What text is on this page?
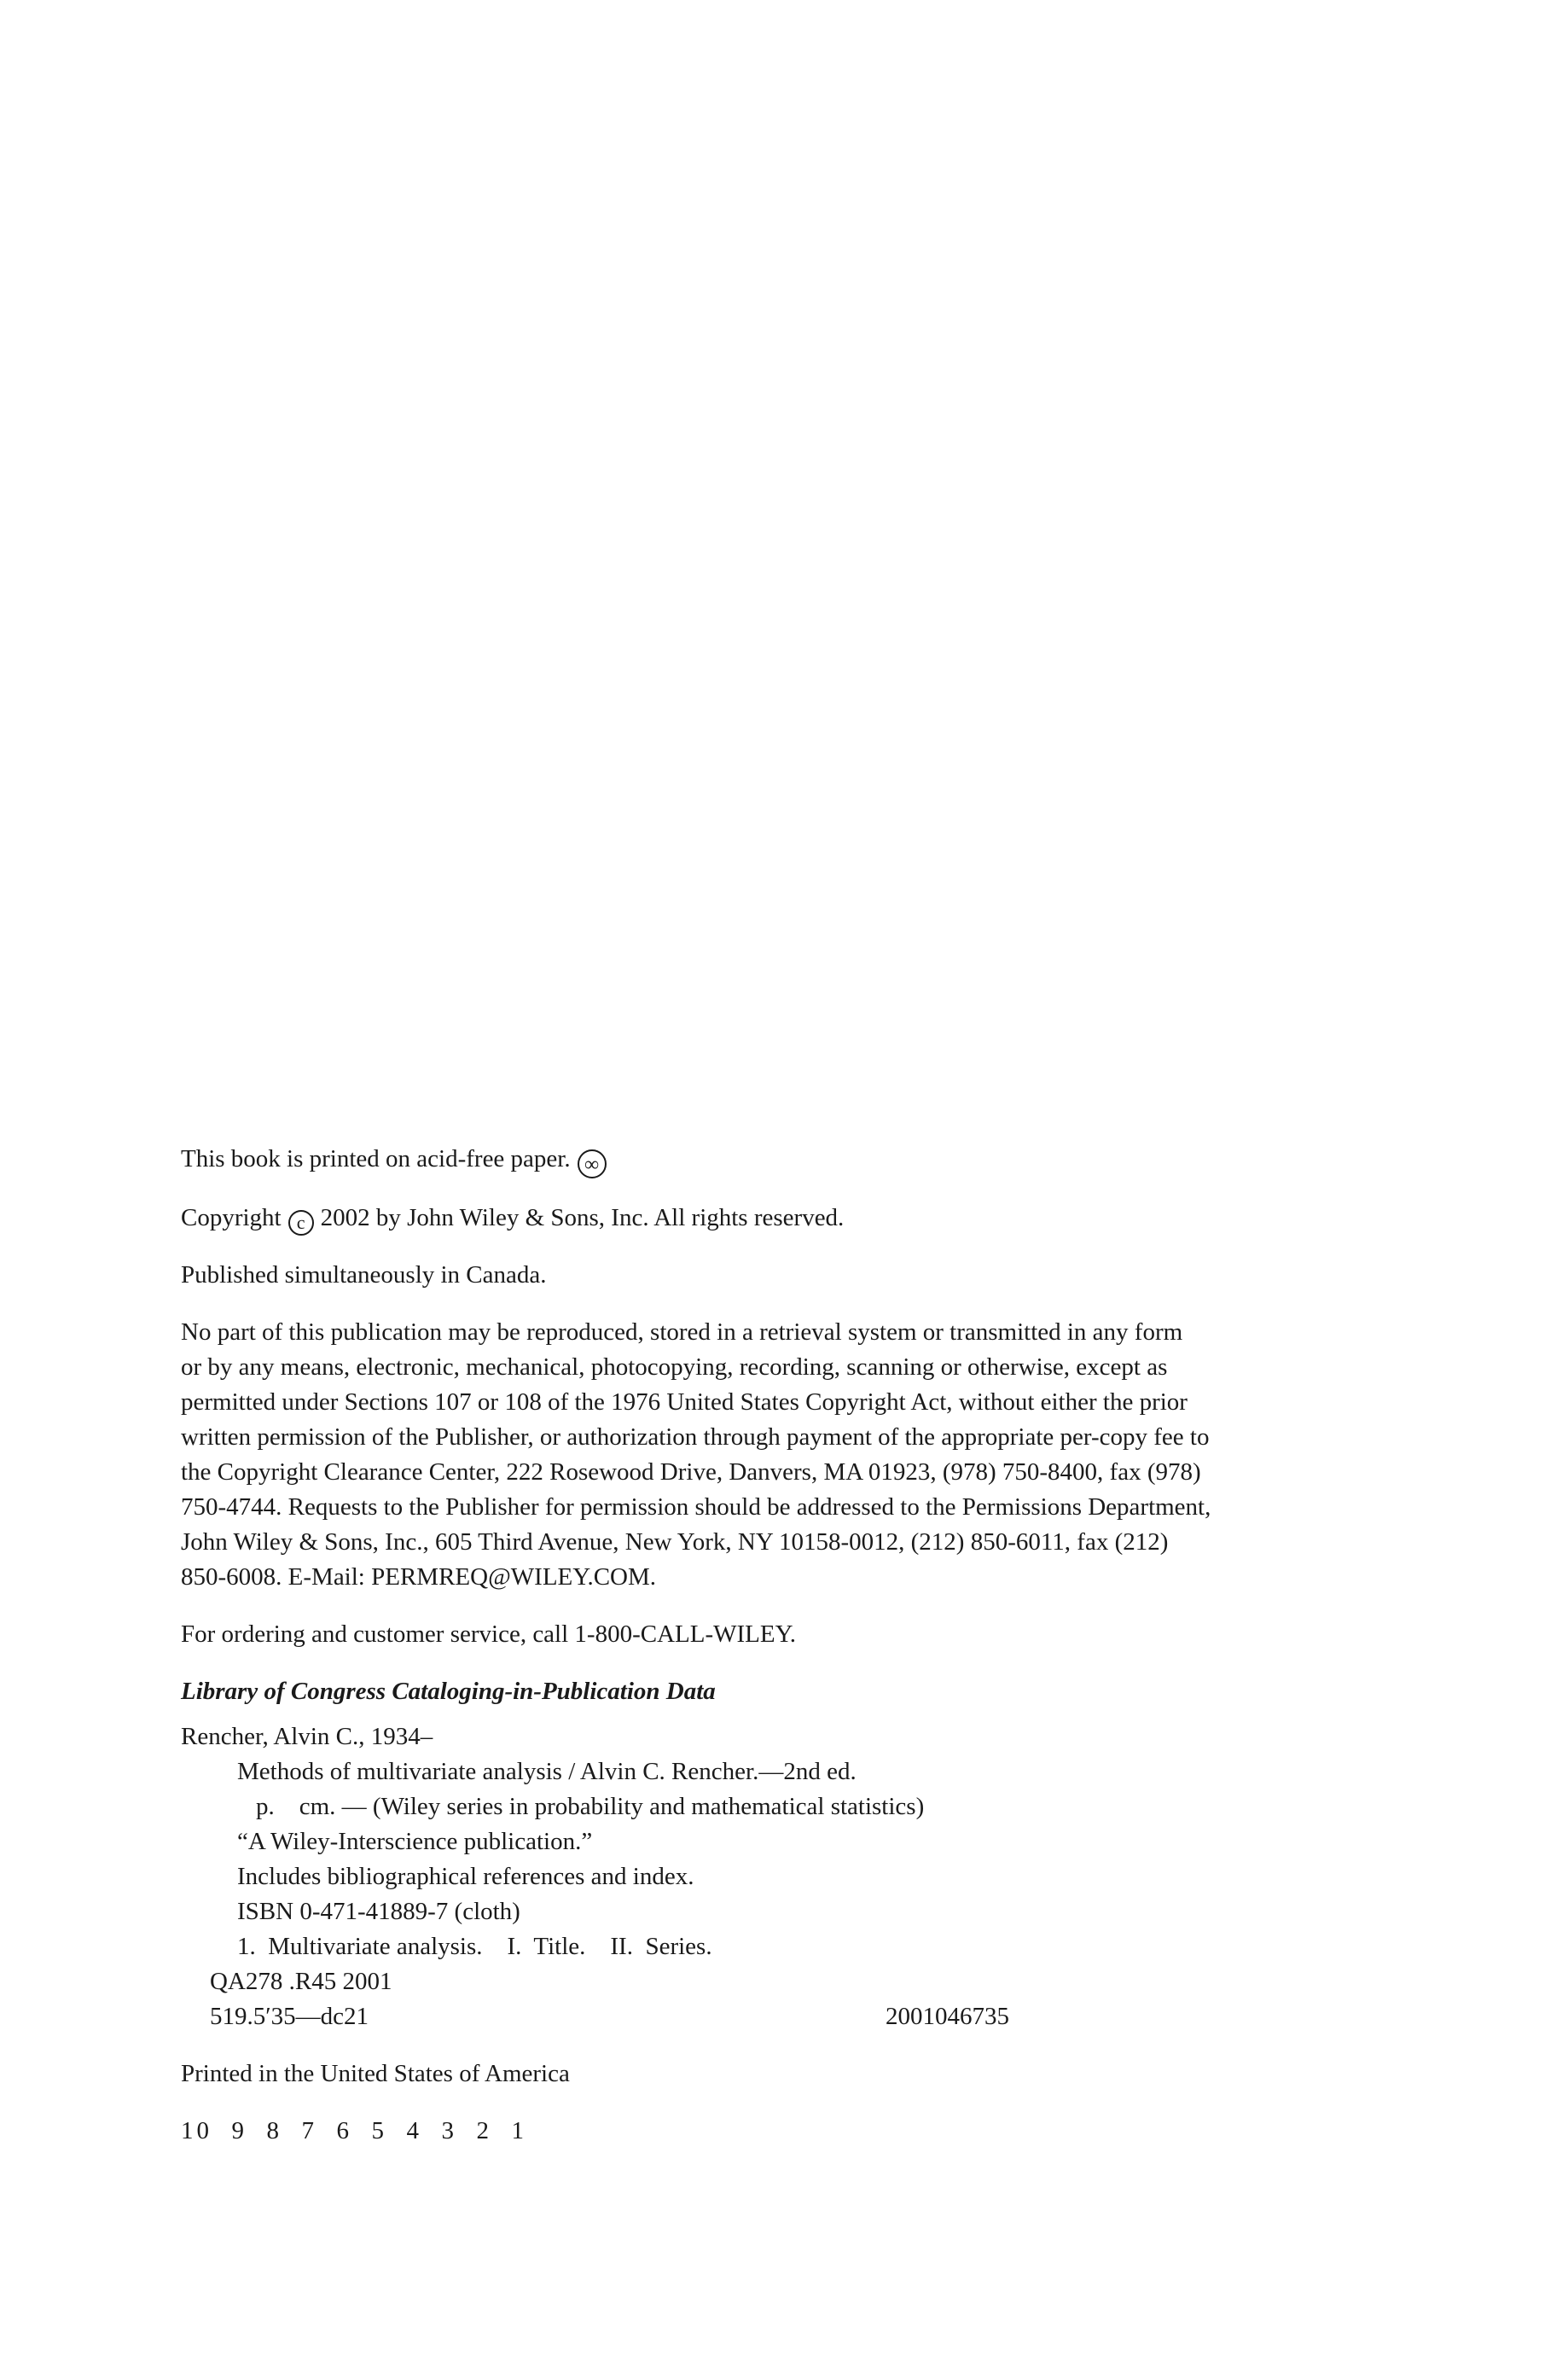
This book is printed on acid-free paper. ∞

Copyright c 2002 by John Wiley & Sons, Inc. All rights reserved.

Published simultaneously in Canada.

No part of this publication may be reproduced, stored in a retrieval system or transmitted in any form

or by any means, electronic, mechanical, photocopying, recording, scanning or otherwise, except as

permitted under Sections 107 or 108 of the 1976 United States Copyright Act, without either the prior

written permission of the Publisher, or authorization through payment of the appropriate per-copy fee to

the Copyright Clearance Center, 222 Rosewood Drive, Danvers, MA 01923, (978) 750-8400, fax (978)

750-4744. Requests to the Publisher for permission should be addressed to the Permissions Department,

John Wiley & Sons, Inc., 605 Third Avenue, New York, NY 10158-0012, (212) 850-6011, fax (212)

850-6008. E-Mail: PERMREQ@WILEY.COM.

For ordering and customer service, call 1-800-CALL-WILEY.

Library of Congress Cataloging-in-Publication Data

Rencher, Alvin C., 1934–

Methods of multivariate analysis / Alvin C. Rencher.—2nd ed.

p.    cm. — (Wiley series in probability and mathematical statistics)

“A Wiley-Interscience publication.”

Includes bibliographical references and index.

ISBN 0-471-41889-7 (cloth)

1.  Multivariate analysis.    I.  Title.    II.  Series.

QA278 .R45 2001

519.5′35—dc21	2001046735

Printed in the United States of America

10  9  8  7  6  5  4  3  2  1
